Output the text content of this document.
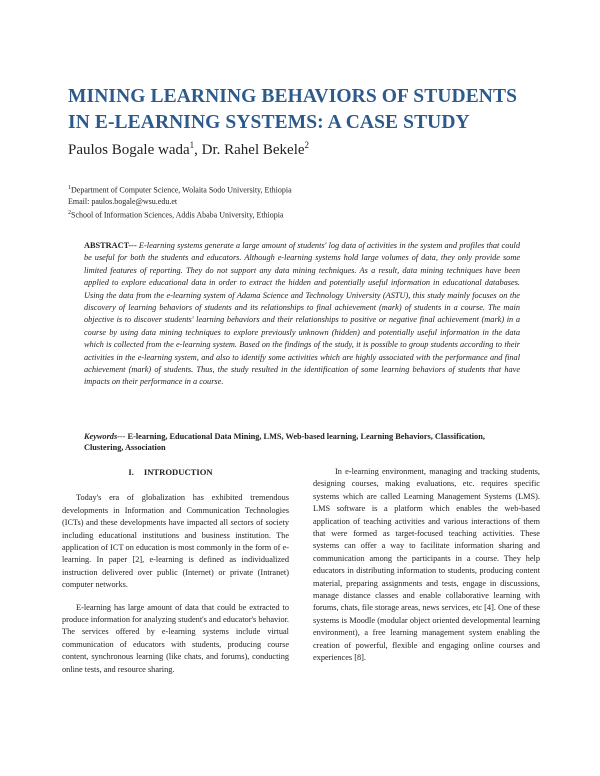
MINING LEARNING BEHAVIORS OF STUDENTS
IN E-LEARNING SYSTEMS: A CASE STUDY
Paulos Bogale wada$^1$, Dr. Rahel Bekele$^2$
$^1$Department of Computer Science, Wolaita Sodo University, Ethiopia
Email: paulos.bogale@wsu.edu.et
$^2$School of Information Sciences, Addis Ababa University, Ethiopia
ABSTRACT--- E-learning systems generate a large amount of students' log data of activities in the system and profiles that could be useful for both the students and educators. Although e-learning systems hold large volumes of data, they only provide some limited features of reporting. They do not support any data mining techniques. As a result, data mining techniques have been applied to explore educational data in order to extract the hidden and potentially useful information in educational databases. Using the data from the e-learning system of Adama Science and Technology University (ASTU), this study mainly focuses on the discovery of learning behaviors of students and its relationships to final achievement (mark) of students in a course. The main objective is to discover students' learning behaviors and their relationships to positive or negative final achievement (mark) in a course by using data mining techniques to explore previously unknown (hidden) and potentially useful information in the data which is collected from the e-learning system. Based on the findings of the study, it is possible to group students according to their activities in the e-learning system, and also to identify some activities which are highly associated with the performance and final achievement (mark) of students. Thus, the study resulted in the identification of some learning behaviors of students that have impacts on their performance in a course.
Keywords--- E-learning, Educational Data Mining, LMS, Web-based learning, Learning Behaviors, Classification, Clustering, Association
I. INTRODUCTION

Today's era of globalization has exhibited tremendous developments in Information and Communication Technologies (ICTs) and these developments have impacted all sectors of society including educational institutions and business institution. The application of ICT on education is most commonly in the form of e-learning. In paper [2], e-learning is defined as individualized instruction delivered over public (Internet) or private (Intranet) computer networks.

E-learning has large amount of data that could be extracted to produce information for analyzing student's and educator's behavior. The services offered by e-learning systems include virtual communication of educators with students, producing course content, synchronous learning (like chats, and forums), conducting online tests, and resource sharing.

In e-learning environment, managing and tracking students, designing courses, making evaluations, etc. requires specific systems which are called Learning Management Systems (LMS). LMS software is a platform which enables the web-based application of teaching activities and various interactions of them that were formed as target-focused teaching activities. These systems can offer a way to facilitate information sharing and communication among the participants in a course. They help educators in distributing information to students, producing content material, preparing assignments and tests, engage in discussions, manage distance classes and enable collaborative learning with forums, chats, file storage areas, news services, etc [4]. One of these systems is Moodle (modular object oriented developmental learning environment), a free learning management system enabling the creation of powerful, flexible and engaging online courses and experiences [8].
